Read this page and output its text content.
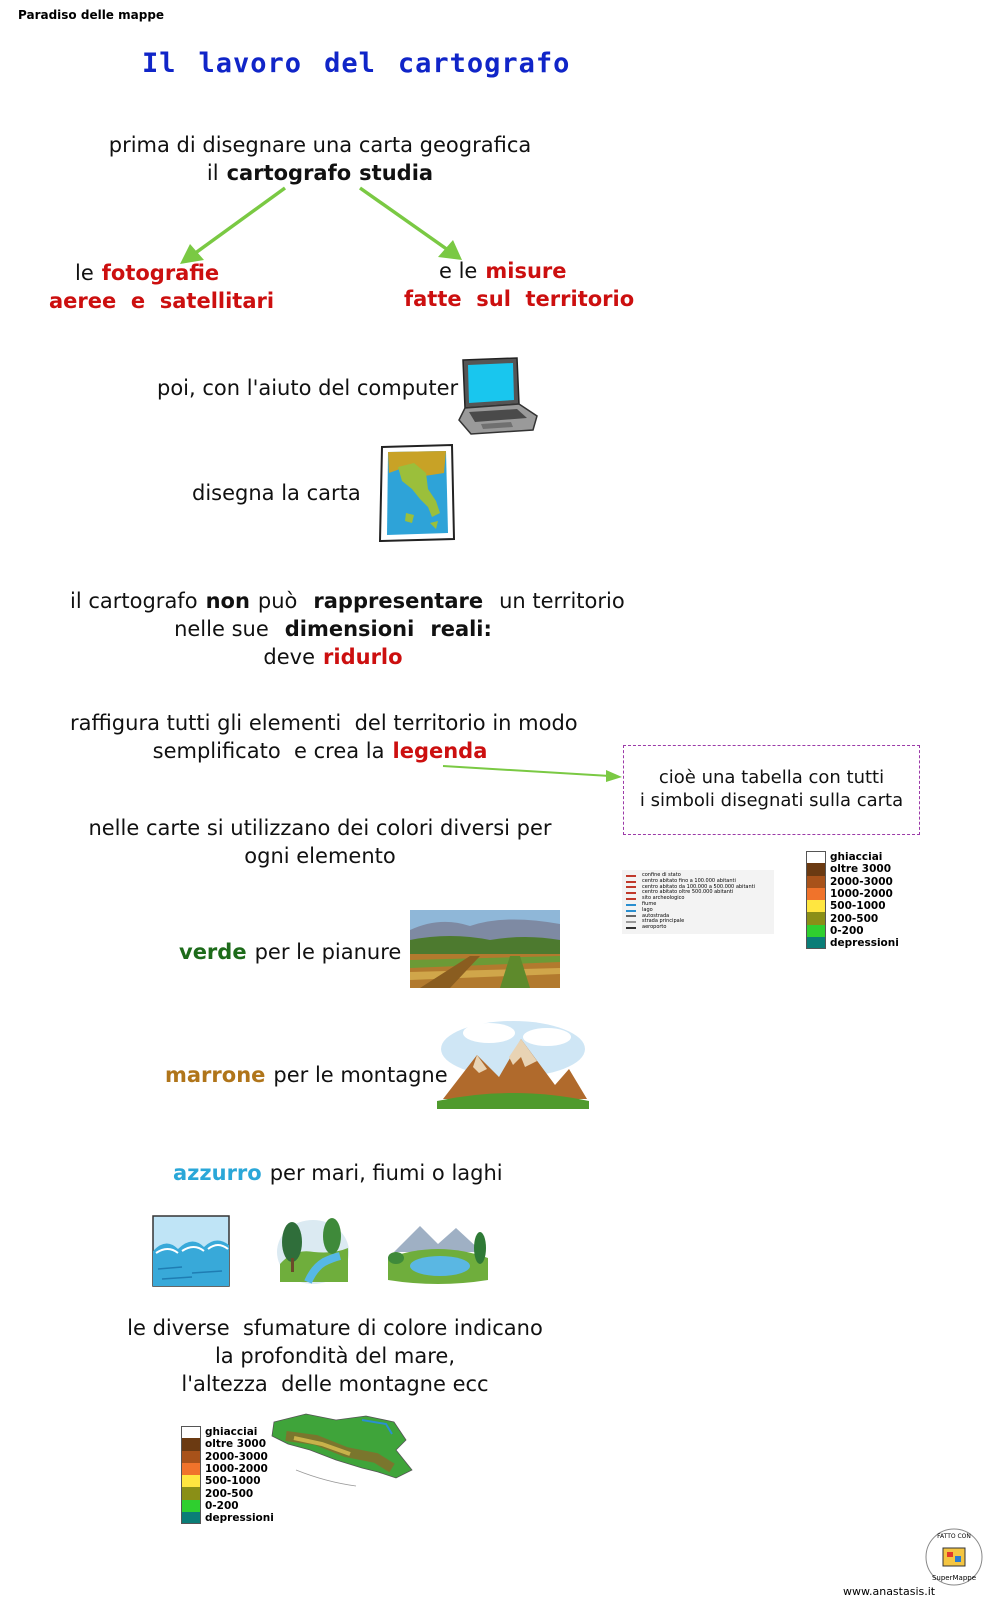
Paradiso delle mappe
Il lavoro del cartografo
prima di disegnare una carta geografica
il cartografo studia
le fotografie
aeree  e  satellitari
e le misure
fatte  sul  territorio
poi, con l'aiuto del computer
disegna la carta
il cartografo non può rappresentare un territorio
nelle sue dimensioni reali:
deve ridurlo
raffigura tutti gli elementi  del territorio in modo
semplificato  e crea la legenda
cioè una tabella con tutti
i simboli disegnati sulla carta
confine di stato
centro abitato fino a 100.000 abitanti
centro abitato da 100.000 a 500.000 abitanti
centro abitato oltre 500.000 abitanti
sito archeologico
fiume
lago
autostrada
strada principale
aeroporto
ghiacciai
oltre 3000
2000-3000
1000-2000
500-1000
200-500
0-200
depressioni
nelle carte si utilizzano dei colori diversi per
ogni elemento
verde per le pianure
marrone per le montagne
azzurro per mari, fiumi o laghi
le diverse  sfumature di colore indicano
la profondità del mare,
l'altezza  delle montagne ecc
ghiacciai
oltre 3000
2000-3000
1000-2000
500-1000
200-500
0-200
depressioni
www.anastasis.it
FATTO CON
SuperMappe
